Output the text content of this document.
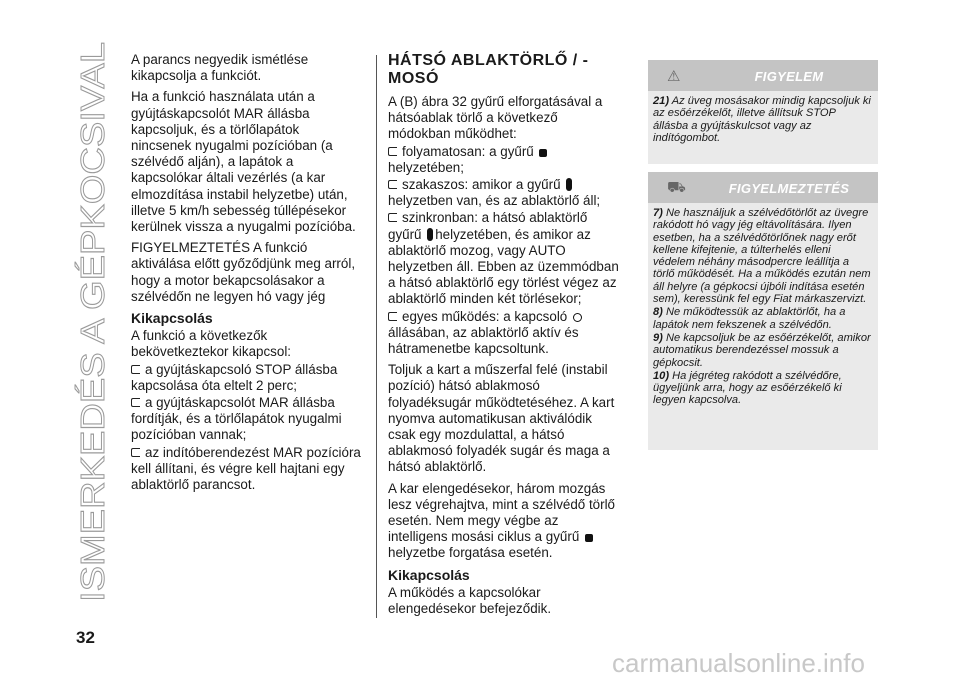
ISMERKEDÉS A GÉPKOCSIVAL
32

A parancs negyedik ismétlése kikapcsolja a funkciót.

Ha a funkció használata után a gyújtáskapcsolót MAR állásba kapcsoljuk, és a törlőlapátok nincsenek nyugalmi pozícióban (a szélvédő alján), a lapátok a kapcsolókar általi vezérlés (a kar elmozdítása instabil helyzetbe) után, illetve 5 km/h sebesség túllépésekor kerülnek vissza a nyugalmi pozícióba.

FIGYELMEZTETÉS A funkció aktiválása előtt győződjünk meg arról, hogy a motor bekapcsolásakor a szélvédőn ne legyen hó vagy jég

Kikapcsolás

A funkció a következők bekövetkeztekor kikapcsol:

a gyújtáskapcsoló STOP állásba kapcsolása óta eltelt 2 perc;

a gyújtáskapcsolót MAR állásba fordítják, és a törlőlapátok nyugalmi pozícióban vannak;

az indítóberendezést MAR pozícióra kell állítani, és végre kell hajtani egy ablaktörlő parancsot.

HÁTSÓ ABLAKTÖRLŐ / -
MOSÓ

A (B) ábra 32 gyűrű elforgatásával a hátsóablak törlő a következő módokban működhet:

folyamatosan: a gyűrű helyzetében;

szakaszos: amikor a gyűrű  helyzetben van, és az ablaktörlő áll;

szinkronban: a hátsó ablaktörlő gyűrű helyzetében, és amikor az ablaktörlő mozog, vagy AUTO helyzetben áll. Ebben az üzemmódban a hátsó ablaktörlő egy törlést végez az ablaktörlő minden két törlésekor;

egyes működés: a kapcsoló  állásában, az ablaktörlő aktív és hátramenetbe kapcsoltunk.

Toljuk a kart a műszerfal felé (instabil pozíció) hátsó ablakmosó folyadéksugár működtetéséhez. A kart nyomva automatikusan aktiválódik csak egy mozdulattal, a hátsó ablakmosó folyadék sugár és maga a hátsó ablaktörlő.

A kar elengedésekor, három mozgás lesz végrehajtva, mint a szélvédő törlő esetén. Nem megy végbe az intelligens mosási ciklus a gyűrű  helyzetbe forgatása esetén.

Kikapcsolás

A működés a kapcsolókar elengedésekor befejeződik.

⚠	FIGYELEM

21) Az üveg mosásakor mindig kapcsoljuk ki az esőérzékelőt, illetve állítsuk STOP állásba a gyújtáskulcsot vagy az indítógombot.

⛟	FIGYELMEZTETÉS

7) Ne használjuk a szélvédőtörlőt az üvegre rakódott hó vagy jég eltávolítására. Ilyen esetben, ha a szélvédőtörlőnek nagy erőt kellene kifejtenie, a túlterhelés elleni védelem néhány másodpercre leállítja a törlő működését. Ha a működés ezután nem áll helyre (a gépkocsi újbóli indítása esetén sem), keressünk fel egy Fiat márkaszervizt.

8) Ne működtessük az ablaktörlőt, ha a lapátok nem fekszenek a szélvédőn.

9) Ne kapcsoljuk be az esőérzékelőt, amikor automatikus berendezéssel mossuk a gépkocsit.

10) Ha jégréteg rakódott a szélvédőre, ügyeljünk arra, hogy az esőérzékelő ki legyen kapcsolva.

carmanualsonline.info
